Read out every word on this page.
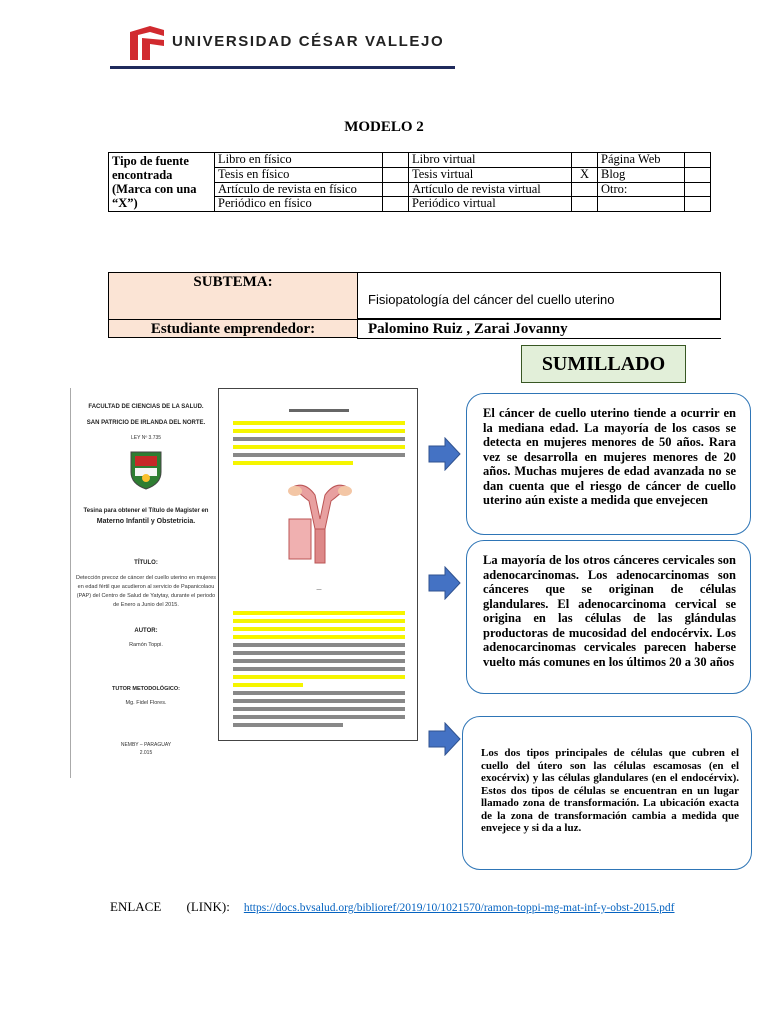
UNIVERSIDAD CÉSAR VALLEJO
MODELO 2
Tipo de fuente encontrada (Marca con una “X”)	Libro en físico		Libro virtual		Página Web	
	Tesis en físico		Tesis virtual	X	Blog	
	Artículo de revista en físico		Artículo de revista virtual		Otro:	
	Periódico en físico		Periódico virtual			
SUBTEMA:
Fisiopatología del cáncer del cuello uterino
Estudiante emprendedor:	Palomino Ruiz , Zarai Jovanny
SUMILLADO
FACULTAD DE CIENCIAS DE LA SALUD.
SAN PATRICIO DE IRLANDA DEL NORTE.
LEY Nº 3.735
Tesina para obtener el Título de Magister en
Materno Infantil y Obstetricia.
TÍTULO:
Detección precoz de cáncer del cuello uterino en mujeres en edad fértil que acudieron al servicio de Papanicolaou (PAP) del Centro de Salud de Yatytay, durante el periodo de Enero a Junio del 2015.
AUTOR:
Ramón Toppi.
TUTOR METODOLÓGICO:
Mg. Fidel Flores.
NEMBY – PARAGUAY
2.015
—
El cáncer de cuello uterino tiende a ocurrir en la mediana edad. La mayoría de los casos se detecta en mujeres menores de 50 años. Rara vez se desarrolla en mujeres menores de 20 años. Muchas mujeres de edad avanzada no se dan cuenta que el riesgo de cáncer de cuello uterino aún existe a medida que envejecen
La mayoría de los otros cánceres cervicales son adenocarcinomas. Los adenocarcinomas son cánceres que se originan de células glandulares. El adenocarcinoma cervical se origina en las células de las glándulas productoras de mucosidad del endocérvix. Los adenocarcinomas cervicales parecen haberse vuelto más comunes en los últimos 20 a 30 años
Los dos tipos principales de células que cubren el cuello del útero son las células escamosas (en el exocérvix) y las células glandulares (en el endocérvix). Estos dos tipos de células se encuentran en un lugar llamado zona de transformación. La ubicación exacta de la zona de transformación cambia a medida que envejece y si da a luz.
ENLACE (LINK): https://docs.bvsalud.org/biblioref/2019/10/1021570/ramon-toppi-mg-mat-inf-y-obst-2015.pdf
